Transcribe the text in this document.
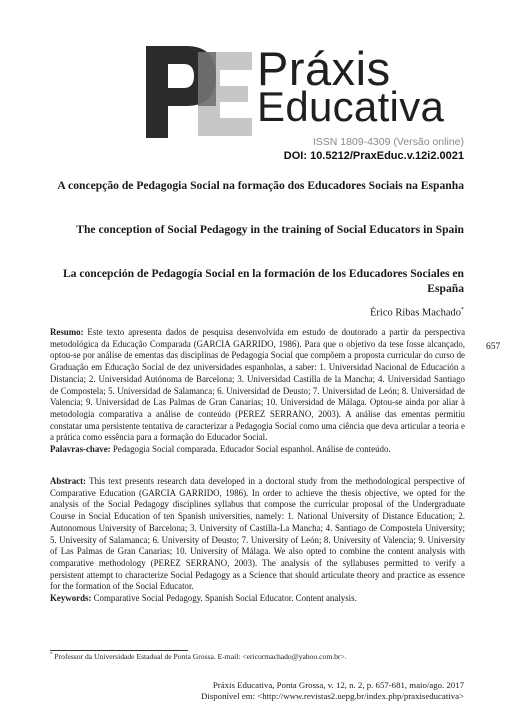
Práxis
Educativa
ISSN 1809-4309 (Versão online)
DOI: 10.5212/PraxEduc.v.12i2.0021
A concepção de Pedagogia Social na formação dos Educadores Sociais na Espanha
The conception of Social Pedagogy in the training of Social Educators in Spain
La concepción de Pedagogía Social en la formación de los Educadores Sociales en España
Érico Ribas Machado*
657
Resumo: Este texto apresenta dados de pesquisa desenvolvida em estudo de doutorado a partir da perspectiva metodológica da Educação Comparada (GARCIA GARRIDO, 1986). Para que o objetivo da tese fosse alcançado, optou-se por análise de ementas das disciplinas de Pedagogia Social que compõem a proposta curricular do curso de Graduação em Educação Social de dez universidades espanholas, a saber: 1. Universidad Nacional de Educación a Distancia; 2. Universidad Autónoma de Barcelona; 3. Universidad Castilla de la Mancha; 4. Universidad Santiago de Compostela; 5. Universidad de Salamanca; 6. Universidad de Deusto; 7. Universidad de León; 8. Universidad de Valencia; 9. Universidad de Las Palmas de Gran Canarias; 10. Universidad de Málaga. Optou-se ainda por aliar à metodologia comparativa a análise de conteúdo (PEREZ SERRANO, 2003). A análise das ementas permitiu constatar uma persistente tentativa de caracterizar a Pedagogia Social como uma ciência que deva articular a teoria e a prática como essência para a formação do Educador Social.
Palavras-chave: Pedagogia Social comparada. Educador Social espanhol. Análise de conteúdo.
Abstract: This text presents research data developed in a doctoral study from the methodological perspective of Comparative Education (GARCIA GARRIDO, 1986). In order to achieve the thesis objective, we opted for the analysis of the Social Pedagogy disciplines syllabus that compose the curricular proposal of the Undergraduate Course in Social Education of ten Spanish universities, namely: 1. National University of Distance Education; 2. Autonomous University of Barcelona; 3. University of Castilla-La Mancha; 4. Santiago de Compostela University; 5. University of Salamanca; 6. University of Deusto; 7. University of León; 8. University of Valencia; 9. University of Las Palmas de Gran Canarias; 10. University of Málaga. We also opted to combine the content analysis with comparative methodology (PEREZ SERRANO, 2003). The analysis of the syllabuses permitted to verify a persistent attempt to characterize Social Pedagogy as a Science that should articulate theory and practice as essence for the formation of the Social Educator.
Keywords: Comparative Social Pedagogy. Spanish Social Educator. Content analysis.
* Professor da Universidade Estadual de Ponta Grossa. E-mail: <ericormachado@yahoo.com.br>.
Práxis Educativa, Ponta Grossa, v. 12, n. 2, p. 657-681, maio/ago. 2017
Disponível em: <http://www.revistas2.uepg.br/index.php/praxiseducativa>
